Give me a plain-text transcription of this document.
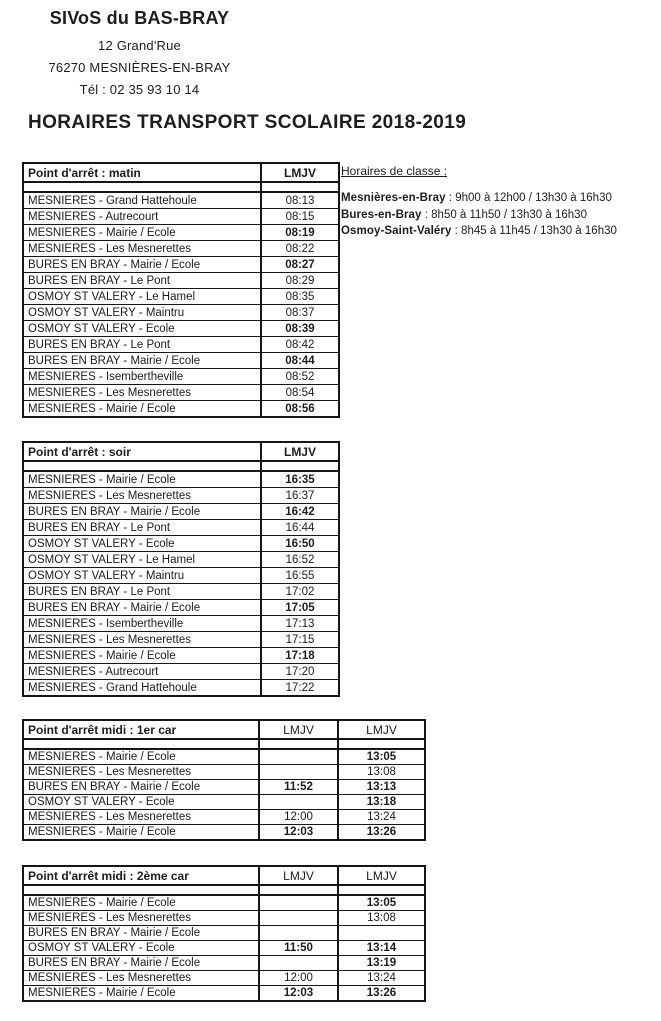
SIVoS du BAS-BRAY
12 Grand'Rue
76270 MESNIÈRES-EN-BRAY
Tél : 02 35 93 10 14
HORAIRES TRANSPORT SCOLAIRE 2018-2019
Point d'arrêt : matin	LMJV

MESNIERES - Grand Hattehoule	08:13
MESNIERES - Autrecourt	08:15
MESNIERES - Mairie / Ecole	08:19
MESNIERES - Les Mesnerettes	08:22
BURES EN BRAY - Mairie / Ecole	08:27
BURES EN BRAY - Le Pont	08:29
OSMOY ST VALERY - Le Hamel	08:35
OSMOY ST VALERY - Maintru	08:37
OSMOY ST VALERY - Ecole	08:39
BURES EN BRAY - Le Pont	08:42
BURES EN BRAY - Mairie / Ecole	08:44
MESNIERES - Isembertheville	08:52
MESNIERES - Les Mesnerettes	08:54
MESNIERES - Mairie / Ecole	08:56
Horaires de classe :
Mesnières-en-Bray : 9h00 à 12h00 / 13h30 à 16h30
Bures-en-Bray : 8h50 à 11h50 / 13h30 à 16h30
Osmoy-Saint-Valéry : 8h45 à 11h45 / 13h30 à 16h30
Point d'arrêt : soir	LMJV

MESNIERES - Mairie / Ecole	16:35
MESNIERES - Les Mesnerettes	16:37
BURES EN BRAY - Mairie / Ecole	16:42
BURES EN BRAY - Le Pont	16:44
OSMOY ST VALERY - Ecole	16:50
OSMOY ST VALERY - Le Hamel	16:52
OSMOY ST VALERY - Maintru	16:55
BURES EN BRAY - Le Pont	17:02
BURES EN BRAY - Mairie / Ecole	17:05
MESNIERES - Isembertheville	17:13
MESNIERES - Les Mesnerettes	17:15
MESNIERES - Mairie / Ecole	17:18
MESNIERES - Autrecourt	17:20
MESNIERES - Grand Hattehoule	17:22
Point d'arrêt midi : 1er car	LMJV	LMJV

MESNIERES - Mairie / Ecole		13:05
MESNIERES - Les Mesnerettes		13:08
BURES EN BRAY - Mairie / Ecole	11:52	13:13
OSMOY ST VALERY - Ecole		13:18
MESNIERES - Les Mesnerettes	12:00	13:24
MESNIERES - Mairie / Ecole	12:03	13:26
Point d'arrêt midi : 2ème car	LMJV	LMJV

MESNIERES - Mairie / Ecole		13:05
MESNIERES - Les Mesnerettes		13:08
BURES EN BRAY - Mairie / Ecole		
OSMOY ST VALERY - Ecole	11:50	13:14
BURES EN BRAY - Mairie / Ecole		13:19
MESNIERES - Les Mesnerettes	12:00	13:24
MESNIERES - Mairie / Ecole	12:03	13:26
